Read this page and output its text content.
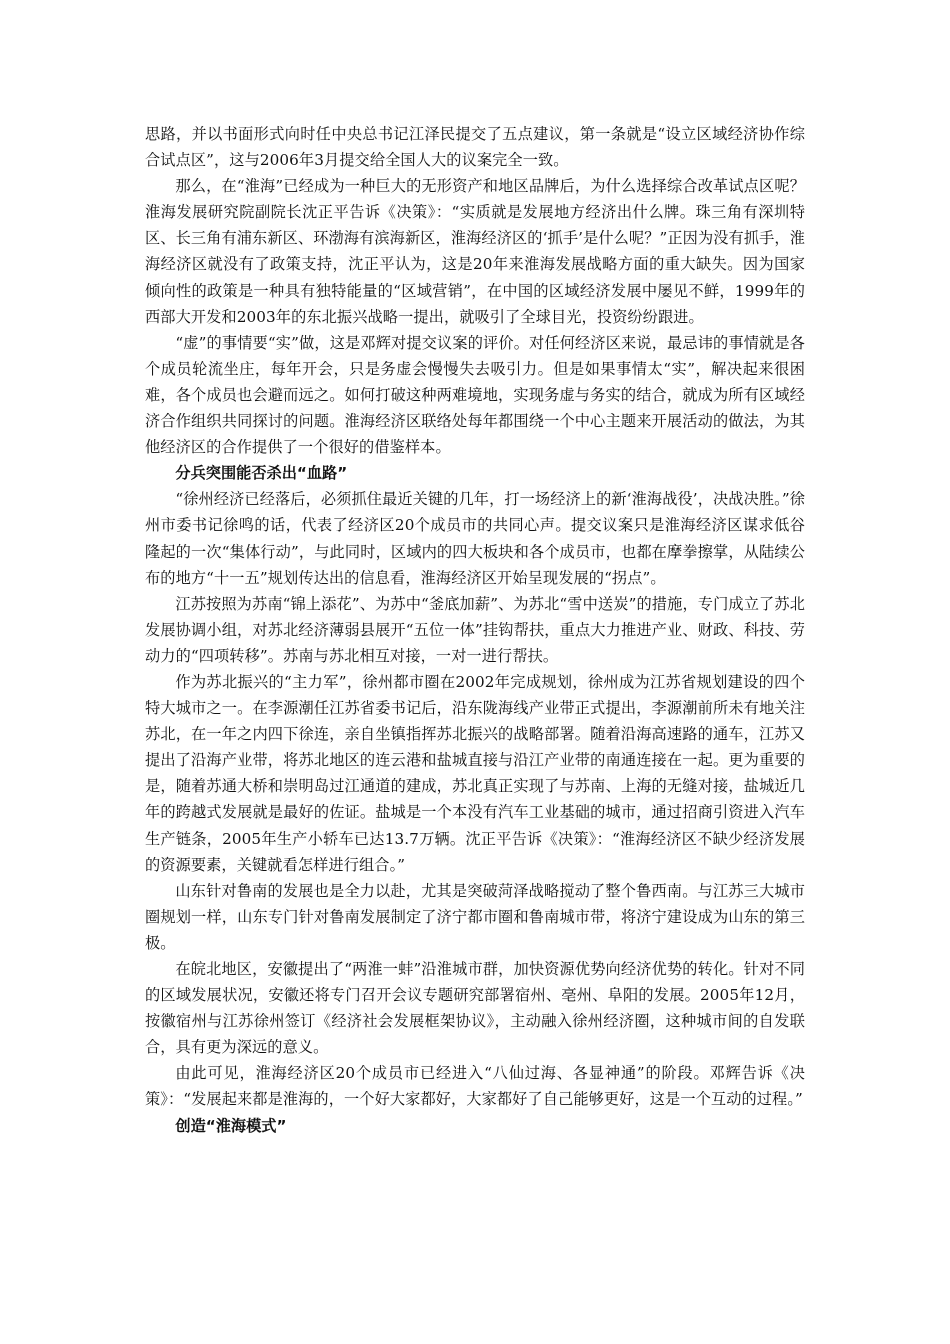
思路，并以书面形式向时任中央总书记江泽民提交了五点建议，第一条就是“设立区域经济协作综合试点区”，这与2006年3月提交给全国人大的议案完全一致。

那么，在“淮海”已经成为一种巨大的无形资产和地区品牌后，为什么选择综合改革试点区呢？淮海发展研究院副院长沈正平告诉《决策》：“实质就是发展地方经济出什么牌。珠三角有深圳特区、长三角有浦东新区、环渤海有滨海新区，淮海经济区的‘抓手’是什么呢？”正因为没有抓手，淮海经济区就没有了政策支持，沈正平认为，这是20年来淮海发展战略方面的重大缺失。因为国家倾向性的政策是一种具有独特能量的“区域营销”，在中国的区域经济发展中屡见不鲜，1999年的西部大开发和2003年的东北振兴战略一提出，就吸引了全球目光，投资纷纷跟进。

“虚”的事情要“实”做，这是邓辉对提交议案的评价。对任何经济区来说，最忌讳的事情就是各个成员轮流坐庄，每年开会，只是务虚会慢慢失去吸引力。但是如果事情太“实”，解决起来很困难，各个成员也会避而远之。如何打破这种两难境地，实现务虚与务实的结合，就成为所有区域经济合作组织共同探讨的问题。淮海经济区联络处每年都围绕一个中心主题来开展活动的做法，为其他经济区的合作提供了一个很好的借鉴样本。

分兵突围能否杀出“血路”

“徐州经济已经落后，必须抓住最近关键的几年，打一场经济上的新‘淮海战役’，决战决胜。”徐州市委书记徐鸣的话，代表了经济区20个成员市的共同心声。提交议案只是淮海经济区谋求低谷隆起的一次“集体行动”，与此同时，区域内的四大板块和各个成员市，也都在摩拳擦掌，从陆续公布的地方“十一五”规划传达出的信息看，淮海经济区开始呈现发展的“拐点”。

江苏按照为苏南“锦上添花”、为苏中“釜底加薪”、为苏北“雪中送炭”的措施，专门成立了苏北发展协调小组，对苏北经济薄弱县展开“五位一体”挂钩帮扶，重点大力推进产业、财政、科技、劳动力的“四项转移”。苏南与苏北相互对接，一对一进行帮扶。

作为苏北振兴的“主力军”，徐州都市圈在2002年完成规划，徐州成为江苏省规划建设的四个特大城市之一。在李源潮任江苏省委书记后，沿东陇海线产业带正式提出，李源潮前所未有地关注苏北，在一年之内四下徐连，亲自坐镇指挥苏北振兴的战略部署。随着沿海高速路的通车，江苏又提出了沿海产业带，将苏北地区的连云港和盐城直接与沿江产业带的南通连接在一起。更为重要的是，随着苏通大桥和崇明岛过江通道的建成，苏北真正实现了与苏南、上海的无缝对接，盐城近几年的跨越式发展就是最好的佐证。盐城是一个本没有汽车工业基础的城市，通过招商引资进入汽车生产链条，2005年生产小轿车已达13.7万辆。沈正平告诉《决策》：“淮海经济区不缺少经济发展的资源要素，关键就看怎样进行组合。”

山东针对鲁南的发展也是全力以赴，尤其是突破菏泽战略搅动了整个鲁西南。与江苏三大城市圈规划一样，山东专门针对鲁南发展制定了济宁都市圈和鲁南城市带，将济宁建设成为山东的第三极。

在皖北地区，安徽提出了“两淮一蚌”沿淮城市群，加快资源优势向经济优势的转化。针对不同的区域发展状况，安徽还将专门召开会议专题研究部署宿州、亳州、阜阳的发展。2005年12月，按徽宿州与江苏徐州签订《经济社会发展框架协议》，主动融入徐州经济圈，这种城市间的自发联合，具有更为深远的意义。

由此可见，淮海经济区20个成员市已经进入“八仙过海、各显神通”的阶段。邓辉告诉《决策》：“发展起来都是淮海的，一个好大家都好，大家都好了自己能够更好，这是一个互动的过程。”

创造“淮海模式”
